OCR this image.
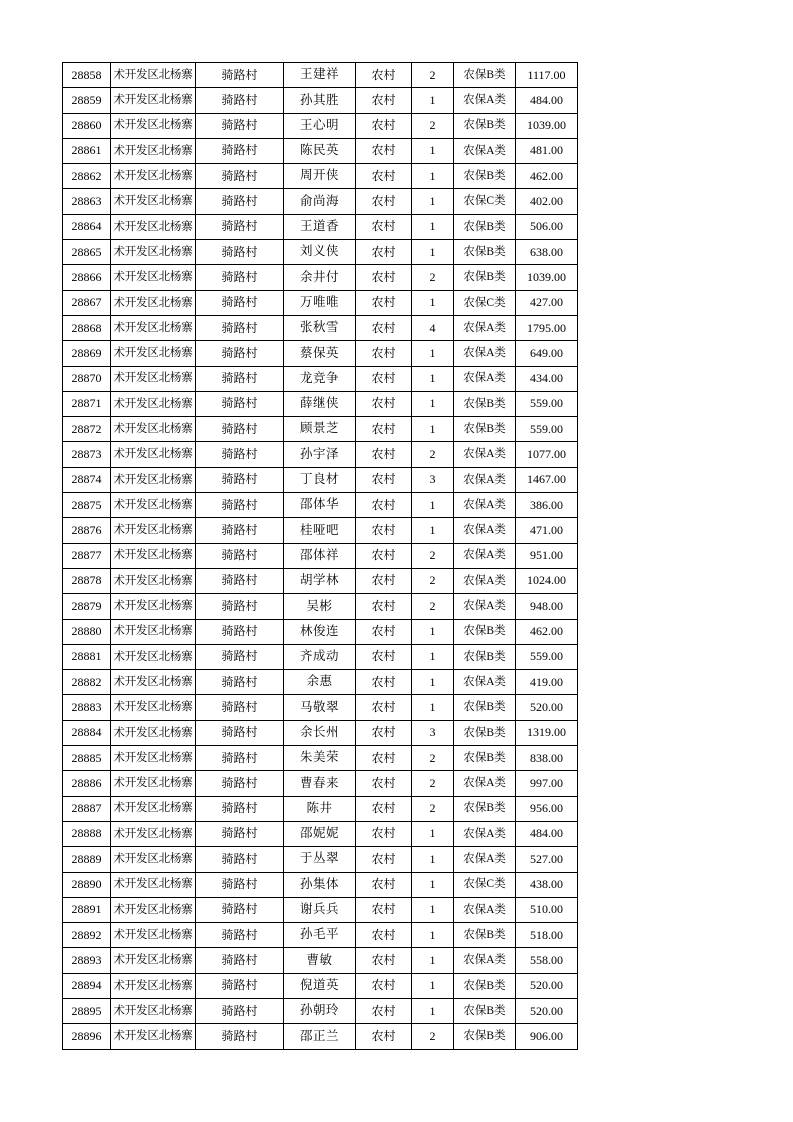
28858	术开发区北杨寨	骑路村	王建祥	农村	2	农保B类	1117.00
28859	术开发区北杨寨	骑路村	孙其胜	农村	1	农保A类	484.00
28860	术开发区北杨寨	骑路村	王心明	农村	2	农保B类	1039.00
28861	术开发区北杨寨	骑路村	陈民英	农村	1	农保A类	481.00
28862	术开发区北杨寨	骑路村	周开侠	农村	1	农保B类	462.00
28863	术开发区北杨寨	骑路村	俞尚海	农村	1	农保C类	402.00
28864	术开发区北杨寨	骑路村	王道香	农村	1	农保B类	506.00
28865	术开发区北杨寨	骑路村	刘义侠	农村	1	农保B类	638.00
28866	术开发区北杨寨	骑路村	余井付	农村	2	农保B类	1039.00
28867	术开发区北杨寨	骑路村	万唯唯	农村	1	农保C类	427.00
28868	术开发区北杨寨	骑路村	张秋雪	农村	4	农保A类	1795.00
28869	术开发区北杨寨	骑路村	蔡保英	农村	1	农保A类	649.00
28870	术开发区北杨寨	骑路村	龙竞争	农村	1	农保A类	434.00
28871	术开发区北杨寨	骑路村	薛继侠	农村	1	农保B类	559.00
28872	术开发区北杨寨	骑路村	顾景芝	农村	1	农保B类	559.00
28873	术开发区北杨寨	骑路村	孙宇泽	农村	2	农保A类	1077.00
28874	术开发区北杨寨	骑路村	丁良材	农村	3	农保A类	1467.00
28875	术开发区北杨寨	骑路村	邵体华	农村	1	农保A类	386.00
28876	术开发区北杨寨	骑路村	桂哑吧	农村	1	农保A类	471.00
28877	术开发区北杨寨	骑路村	邵体祥	农村	2	农保A类	951.00
28878	术开发区北杨寨	骑路村	胡学林	农村	2	农保A类	1024.00
28879	术开发区北杨寨	骑路村	吴彬	农村	2	农保A类	948.00
28880	术开发区北杨寨	骑路村	林俊连	农村	1	农保B类	462.00
28881	术开发区北杨寨	骑路村	齐成动	农村	1	农保B类	559.00
28882	术开发区北杨寨	骑路村	余惠	农村	1	农保A类	419.00
28883	术开发区北杨寨	骑路村	马敬翠	农村	1	农保B类	520.00
28884	术开发区北杨寨	骑路村	余长州	农村	3	农保B类	1319.00
28885	术开发区北杨寨	骑路村	朱美荣	农村	2	农保B类	838.00
28886	术开发区北杨寨	骑路村	曹春来	农村	2	农保A类	997.00
28887	术开发区北杨寨	骑路村	陈井	农村	2	农保B类	956.00
28888	术开发区北杨寨	骑路村	邵妮妮	农村	1	农保A类	484.00
28889	术开发区北杨寨	骑路村	于丛翠	农村	1	农保A类	527.00
28890	术开发区北杨寨	骑路村	孙集体	农村	1	农保C类	438.00
28891	术开发区北杨寨	骑路村	谢兵兵	农村	1	农保A类	510.00
28892	术开发区北杨寨	骑路村	孙毛平	农村	1	农保B类	518.00
28893	术开发区北杨寨	骑路村	曹敏	农村	1	农保A类	558.00
28894	术开发区北杨寨	骑路村	倪道英	农村	1	农保B类	520.00
28895	术开发区北杨寨	骑路村	孙朝玲	农村	1	农保B类	520.00
28896	术开发区北杨寨	骑路村	邵正兰	农村	2	农保B类	906.00
